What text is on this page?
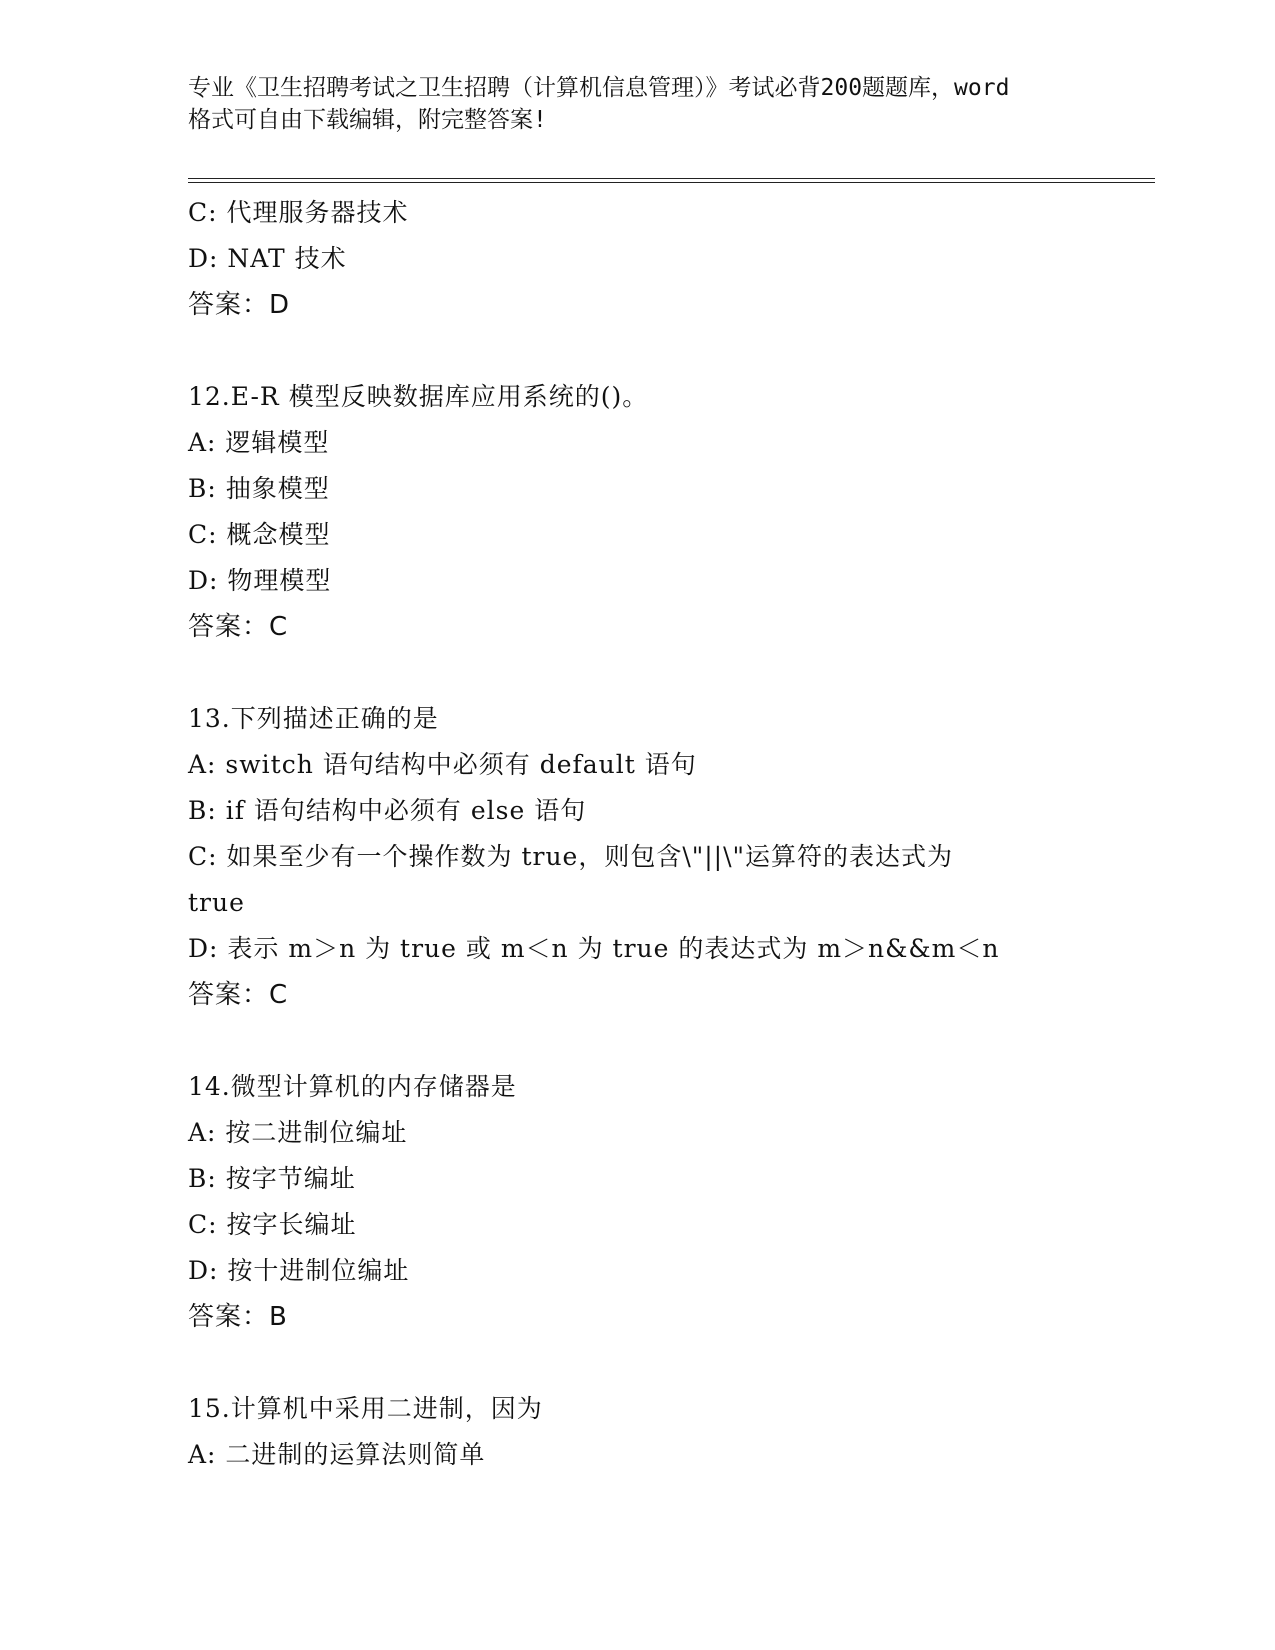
专业《卫生招聘考试之卫生招聘（计算机信息管理）》考试必背200题题库，word
格式可自由下载编辑，附完整答案!
C: 代理服务器技术
D: NAT 技术
答案：D
12.E-R 模型反映数据库应用系统的()。
A: 逻辑模型
B: 抽象模型
C: 概念模型
D: 物理模型
答案：C
13.下列描述正确的是
A: switch 语句结构中必须有 default 语句
B: if 语句结构中必须有 else 语句
C: 如果至少有一个操作数为 true，则包含\"||\"运算符的表达式为
true
D: 表示 m＞n 为 true 或 m＜n 为 true 的表达式为 m＞n&&m＜n
答案：C
14.微型计算机的内存储器是
A: 按二进制位编址
B: 按字节编址
C: 按字长编址
D: 按十进制位编址
答案：B
15.计算机中采用二进制，因为
A: 二进制的运算法则简单
